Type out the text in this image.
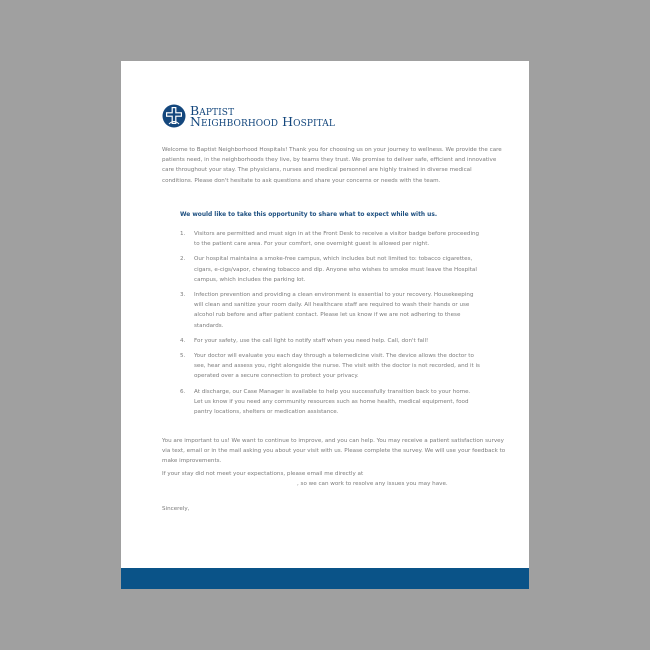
Baptist
Neighborhood Hospital
Welcome to Baptist Neighborhood Hospitals! Thank you for choosing us on your journey to wellness. We provide the care patients need, in the neighborhoods they live, by teams they trust. We promise to deliver safe, efficient and innovative care throughout your stay. The physicians, nurses and medical personnel are highly trained in diverse medical conditions. Please don't hesitate to ask questions and share your concerns or needs with the team.
We would like to take this opportunity to share what to expect while with us.
1. Visitors are permitted and must sign in at the Front Desk to receive a visitor badge before proceeding to the patient care area. For your comfort, one overnight guest is allowed per night.
2. Our hospital maintains a smoke-free campus, which includes but not limited to: tobacco cigarettes, cigars, e-cigs/vapor, chewing tobacco and dip. Anyone who wishes to smoke must leave the Hospital campus, which includes the parking lot.
3. Infection prevention and providing a clean environment is essential to your recovery. Housekeeping will clean and sanitize your room daily. All healthcare staff are required to wash their hands or use alcohol rub before and after patient contact. Please let us know if we are not adhering to these standards.
4. For your safety, use the call light to notify staff when you need help. Call, don't fall!
5. Your doctor will evaluate you each day through a telemedicine visit. The device allows the doctor to see, hear and assess you, right alongside the nurse. The visit with the doctor is not recorded, and it is operated over a secure connection to protect your privacy.
6. At discharge, our Case Manager is available to help you successfully transition back to your home. Let us know if you need any community resources such as home health, medical equipment, food pantry locations, shelters or medication assistance.
You are important to us! We want to continue to improve, and you can help. You may receive a patient satisfaction survey via text, email or in the mail asking you about your visit with us. Please complete the survey. We will use your feedback to make improvements.
If your stay did not meet your expectations, please email me directly at
, so we can work to resolve any issues you may have.
Sincerely,
